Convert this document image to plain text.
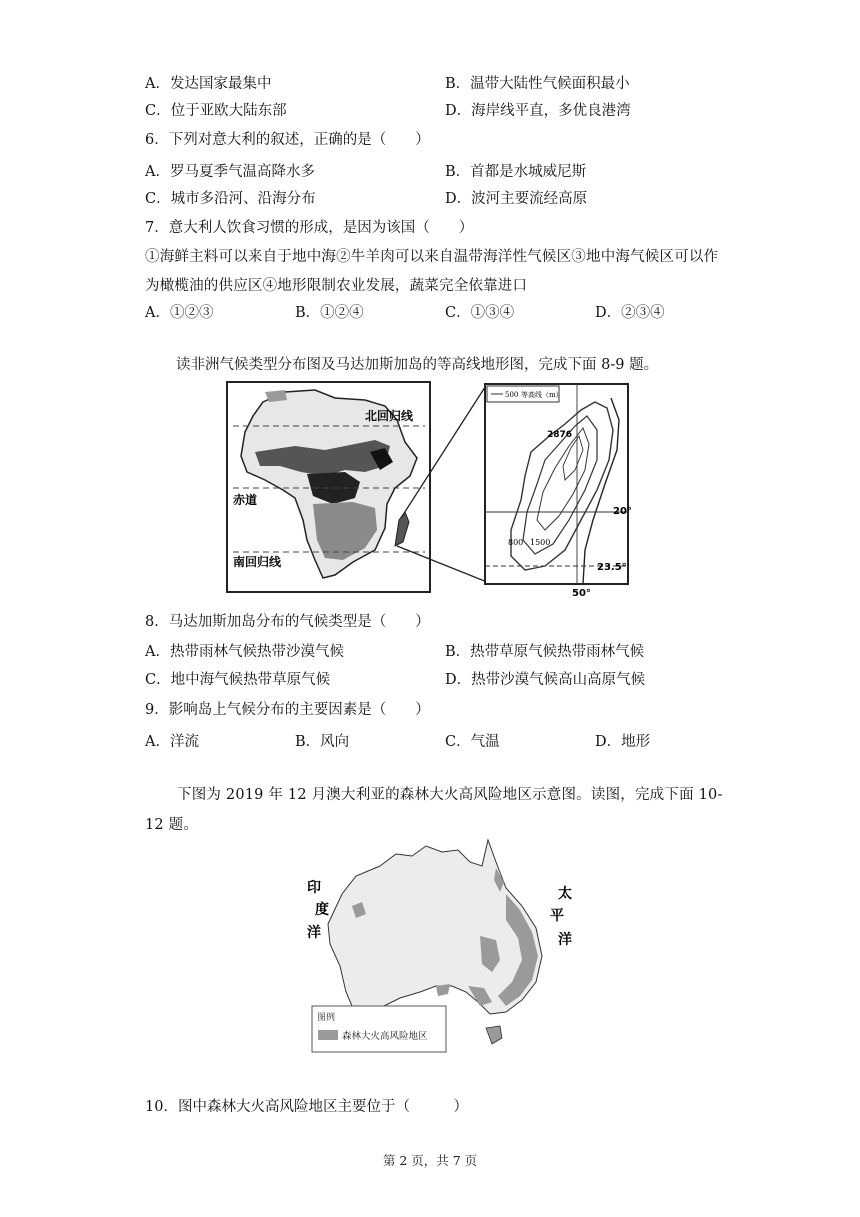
A．发达国家最集中	B．温带大陆性气候面积最小
C．位于亚欧大陆东部	D．海岸线平直，多优良港湾
6．下列对意大利的叙述，正确的是（　　）
A．罗马夏季气温高降水多	B．首都是水城威尼斯
C．城市多沿河、沿海分布	D．波河主要流经高原
7．意大利人饮食习惯的形成，是因为该国（　　）
①海鲜主料可以来自于地中海②牛羊肉可以来自温带海洋性气候区③地中海气候区可以作为橄榄油的供应区④地形限制农业发展，蔬菜完全依靠进口
A．①②③	B．①②④	C．①③④	D．②③④
读非洲气候类型分布图及马达加斯加岛的等高线地形图，完成下面 8-9 题。
北回归线
赤道
南回归线
500 等高线（m）
2876
800 1500
20°
23.5°
50°
8．马达加斯加岛分布的气候类型是（　　）
A．热带雨林气候热带沙漠气候	B．热带草原气候热带雨林气候
C．地中海气候热带草原气候	D．热带沙漠气候高山高原气候
9．影响岛上气候分布的主要因素是（　　）
A．洋流	B．风向	C．气温	D．地形
下图为 2019 年 12 月澳大利亚的森林大火高风险地区示意图。读图，完成下面 10-12 题。
印
度
洋
太
平
洋
图例
森林大火高风险地区
10．图中森林大火高风险地区主要位于（　　　）
第 2 页，共 7 页
